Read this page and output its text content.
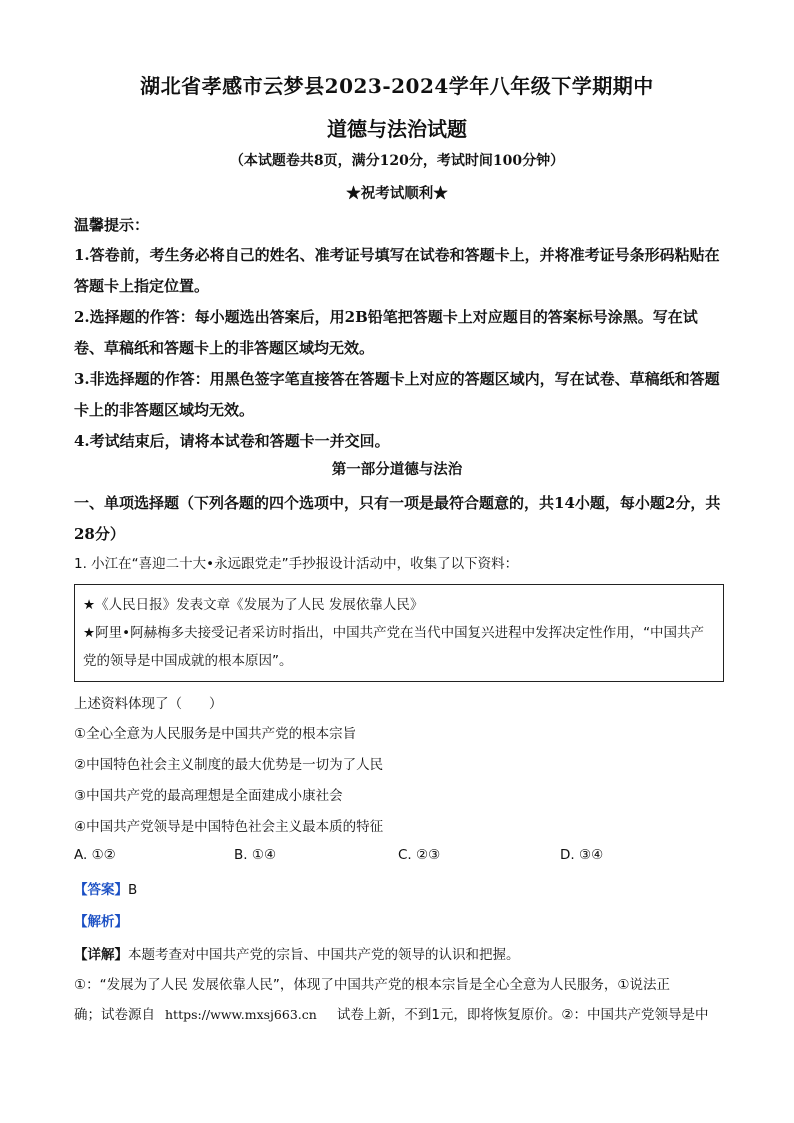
湖北省孝感市云梦县2023-2024学年八年级下学期期中
道德与法治试题
（本试题卷共8页，满分120分，考试时间100分钟）
★祝考试顺利★
温馨提示：

1.答卷前，考生务必将自己的姓名、准考证号填写在试卷和答题卡上，并将准考证号条形码粘贴在答题卡上指定位置。

2.选择题的作答：每小题选出答案后，用2B铅笔把答题卡上对应题目的答案标号涂黑。写在试卷、草稿纸和答题卡上的非答题区域均无效。

3.非选择题的作答：用黑色签字笔直接答在答题卡上对应的答题区域内，写在试卷、草稿纸和答题卡上的非答题区域均无效。

4.考试结束后，请将本试卷和答题卡一并交回。

第一部分道德与法治
一、单项选择题（下列各题的四个选项中，只有一项是最符合题意的，共14小题，每小题2分，共28分）
1. 小江在“喜迎二十大•永远跟党走”手抄报设计活动中，收集了以下资料：

★《人民日报》发表文章《发展为了人民 发展依靠人民》

★阿里•阿赫梅多夫接受记者采访时指出，中国共产党在当代中国复兴进程中发挥决定性作用，“中国共产党的领导是中国成就的根本原因”。

上述资料体现了（　　）

①全心全意为人民服务是中国共产党的根本宗旨

②中国特色社会主义制度的最大优势是一切为了人民

③中国共产党的最高理想是全面建成小康社会

④中国共产党领导是中国特色社会主义最本质的特征

A. ①②	B. ①④	C. ②③	D. ③④
【答案】B
【解析】

【详解】本题考查对中国共产党的宗旨、中国共产党的领导的认识和把握。

①：“发展为了人民 发展依靠人民”，体现了中国共产党的根本宗旨是全心全意为人民服务，①说法正

确；试卷源自 https://www.mxsj663.cn 试卷上新，不到1元，即将恢复原价。②：中国共产党领导是中
